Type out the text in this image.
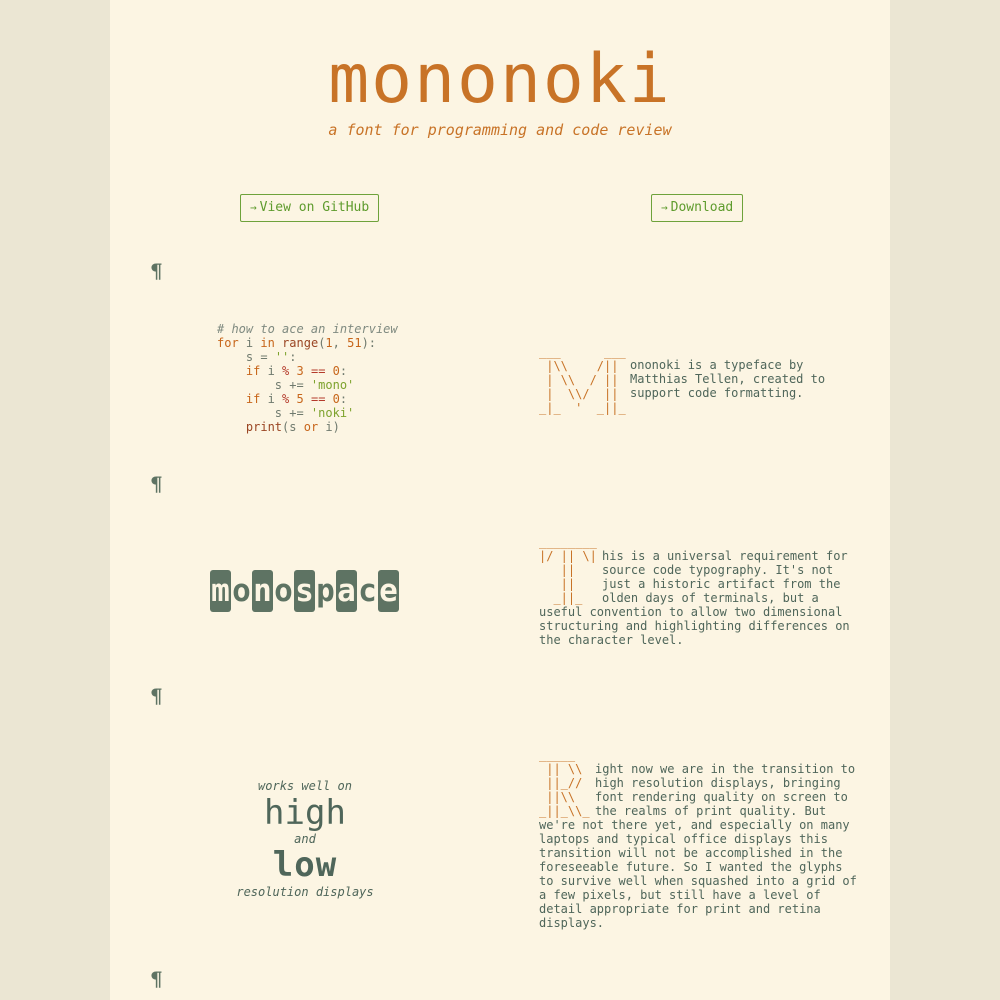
mononoki
a font for programming and code review
→ View on GitHub	→ Download
¶
# how to ace an interview
for i in range(1, 51):
s = '':
if i % 3 == 0:
s += 'mono'
if i % 5 == 0:
s += 'noki'
print(s or i)
___      ___
|\\    /||
| \\  / ||
|  \\/  ||
_|_  '  _||_
ononoki is a typeface by
Matthias Tellen, created to
support code formatting.
¶
m o n o s p a c e
________
|/ || \|
||
||
_||_
his is a universal requirement for
source code typography. It's not
just a historic artifact from the
olden days of terminals, but a
useful convention to allow two dimensional
structuring and highlighting differences on
the character level.
¶
works well on
high
and
low
resolution displays
_____
|| \\
||_//
||\\
_||_\\_
ight now we are in the transition to
high resolution displays, bringing
font rendering quality on screen to
the realms of print quality. But
we're not there yet, and especially on many
laptops and typical office displays this
transition will not be accomplished in the
foreseeable future. So I wanted the glyphs
to survive well when squashed into a grid of
a few pixels, but still have a level of
detail appropriate for print and retina
displays.
¶
